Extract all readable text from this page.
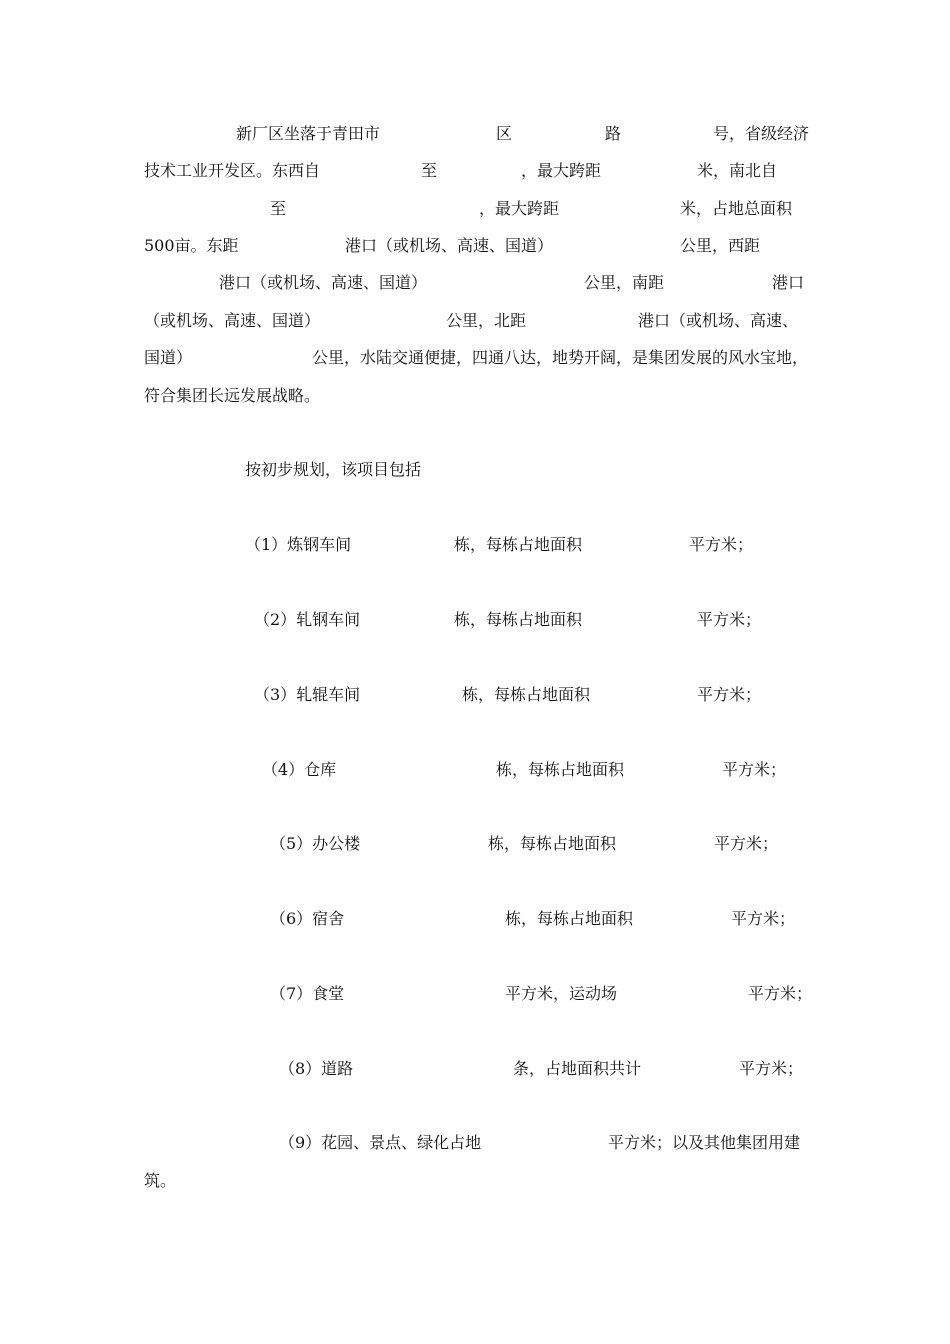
新厂区坐落于青田市	区	路	号，省级经济
技术工业开发区。东西自	至	，最大跨距	米，南北自
至	，最大跨距	米，占地总面积
500亩。东距	港口（或机场、高速、国道）	公里，西距
港口（或机场、高速、国道）	公里，南距	港口
（或机场、高速、国道）	公里，北距	港口（或机场、高速、
国道）	公里，水陆交通便捷，四通八达，地势开阔，是集团发展的风水宝地，
符合集团长远发展战略。
按初步规划，该项目包括
（1）炼钢车间	栋，每栋占地面积	平方米；
（2）轧钢车间	栋，每栋占地面积	平方米；
（3）轧辊车间	栋，每栋占地面积	平方米；
（4）仓库	栋，每栋占地面积	平方米；
（5）办公楼	栋，每栋占地面积	平方米；
（6）宿舍	栋，每栋占地面积	平方米；
（7）食堂	平方米，运动场	平方米；
（8）道路	条，占地面积共计	平方米；
（9）花园、景点、绿化占地	平方米；以及其他集团用建
筑。
